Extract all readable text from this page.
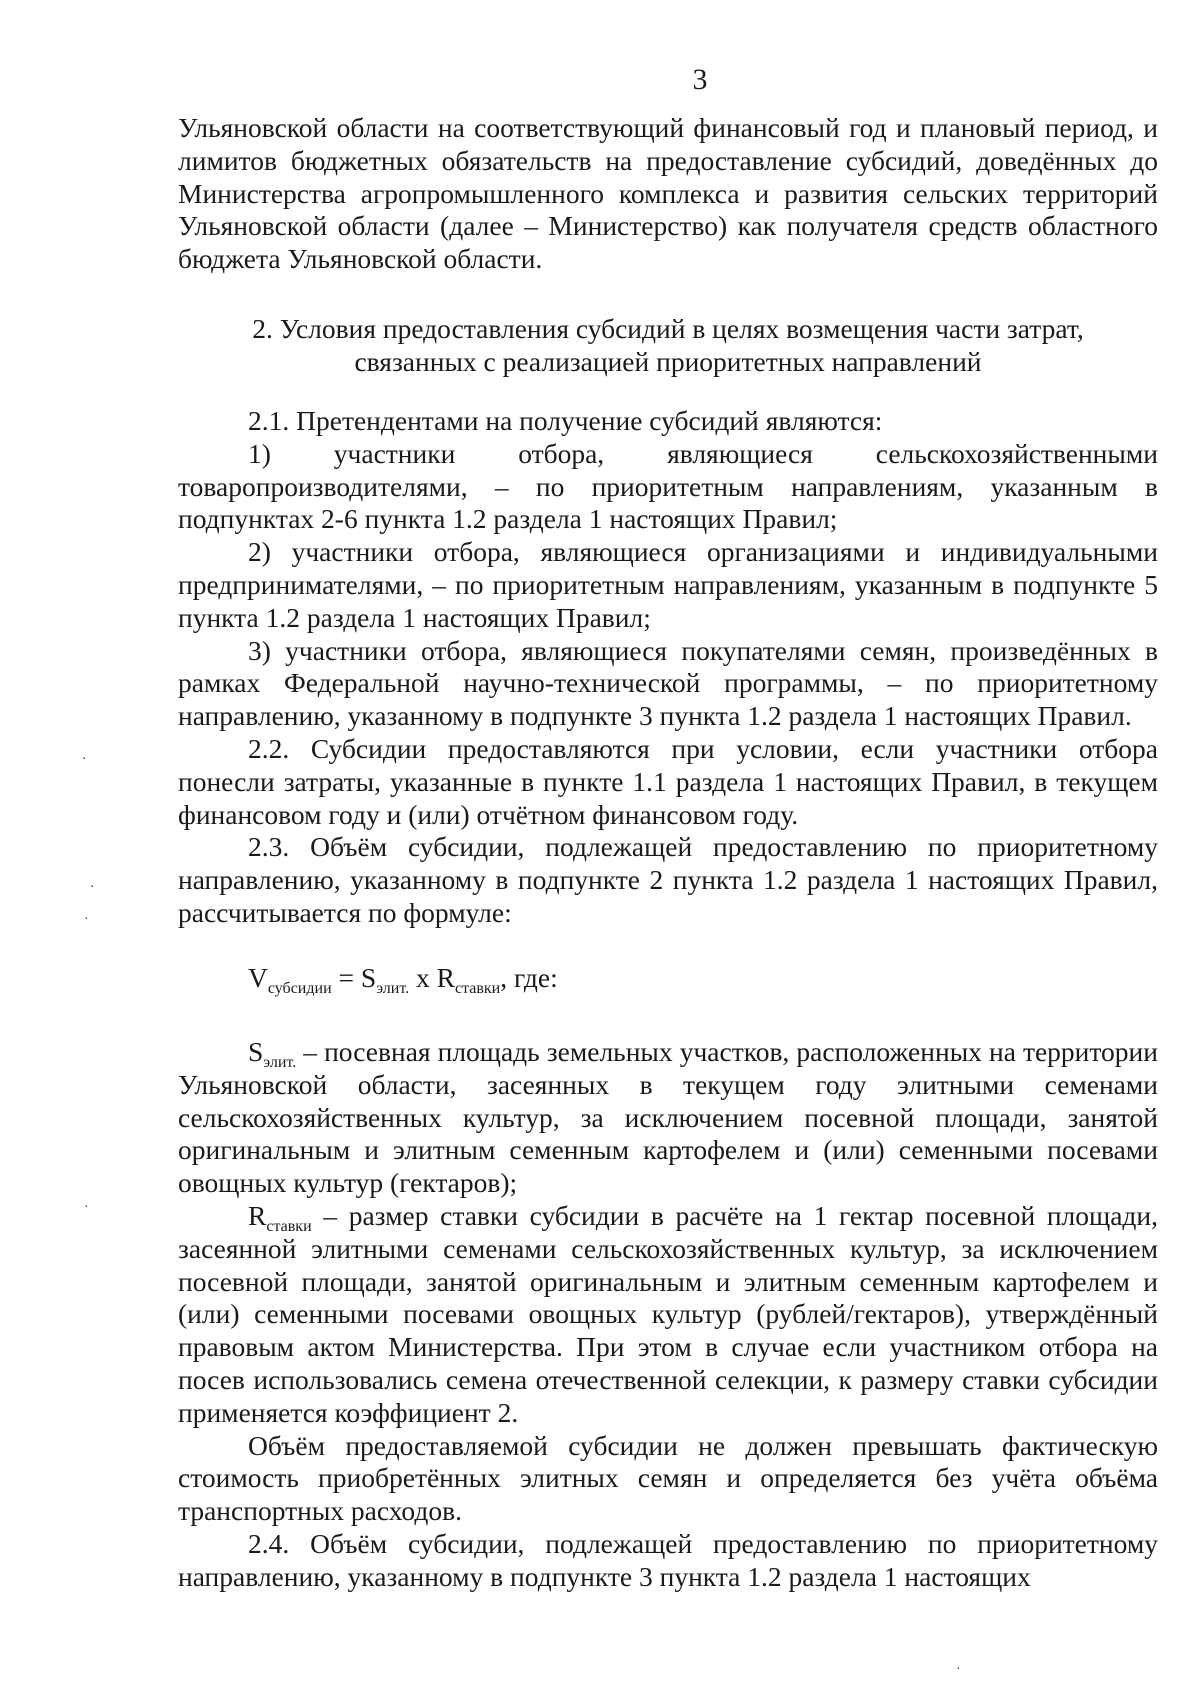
3

Ульяновской области на соответствующий финансовый год и плановый период, и лимитов бюджетных обязательств на предоставление субсидий, доведённых до Министерства агропромышленного комплекса и развития сельских территорий Ульяновской области (далее – Министерство) как получателя средств областного бюджета Ульяновской области.

2. Условия предоставления субсидий в целях возмещения части затрат,
связанных с реализацией приоритетных направлений

2.1. Претендентами на получение субсидий являются:

1) участники отбора, являющиеся сельскохозяйственными товаропроизводителями, – по приоритетным направлениям, указанным в подпунктах 2-6 пункта 1.2 раздела 1 настоящих Правил;

2) участники отбора, являющиеся организациями и индивидуальными предпринимателями, – по приоритетным направлениям, указанным в подпункте 5 пункта 1.2 раздела 1 настоящих Правил;

3) участники отбора, являющиеся покупателями семян, произведённых в рамках Федеральной научно-технической программы, – по приоритетному направлению, указанному в подпункте 3 пункта 1.2 раздела 1 настоящих Правил.

2.2. Субсидии предоставляются при условии, если участники отбора понесли затраты, указанные в пункте 1.1 раздела 1 настоящих Правил, в текущем финансовом году и (или) отчётном финансовом году.

2.3. Объём субсидии, подлежащей предоставлению по приоритетному направлению, указанному в подпункте 2 пункта 1.2 раздела 1 настоящих Правил, рассчитывается по формуле:

$V_{субсидии} = S_{элит.}$ x $R_{ставки}$, где:

$S_{элит.}$ – посевная площадь земельных участков, расположенных на территории Ульяновской области, засеянных в текущем году элитными семенами сельскохозяйственных культур, за исключением посевной площади, занятой оригинальным и элитным семенным картофелем и (или) семенными посевами овощных культур (гектаров);

$R_{ставки}$ – размер ставки субсидии в расчёте на 1 гектар посевной площади, засеянной элитными семенами сельскохозяйственных культур, за исключением посевной площади, занятой оригинальным и элитным семенным картофелем и (или) семенными посевами овощных культур (рублей/гектаров), утверждённый правовым актом Министерства. При этом в случае если участником отбора на посев использовались семена отечественной селекции, к размеру ставки субсидии применяется коэффициент 2.

Объём предоставляемой субсидии не должен превышать фактическую стоимость приобретённых элитных семян и определяется без учёта объёма транспортных расходов.

2.4. Объём субсидии, подлежащей предоставлению по приоритетному направлению, указанному в подпункте 3 пункта 1.2 раздела 1 настоящих

·
·
·
·
·
